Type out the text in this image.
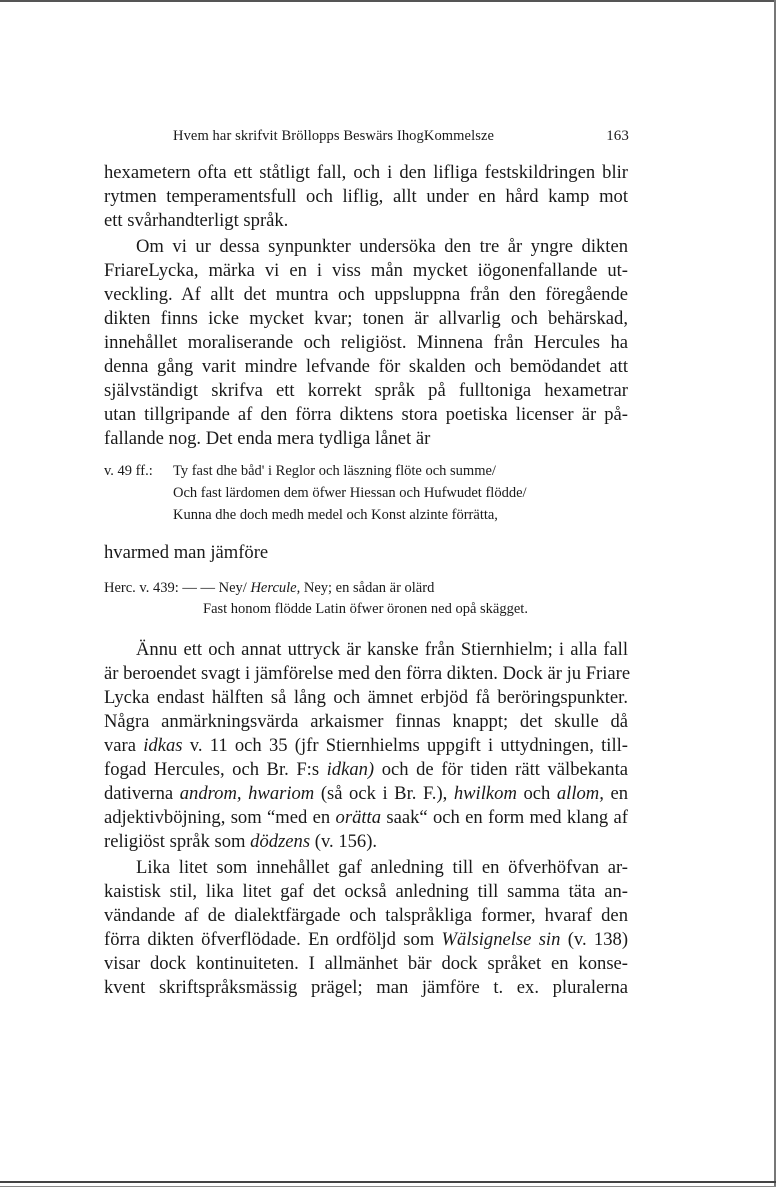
Hvem har skrifvit Bröllopps Beswärs IhogKommelsze	163
hexametern ofta ett ståtligt fall, och i den lifliga festskildringen blir
rytmen temperamentsfull och liflig, allt under en hård kamp mot
ett svårhandterligt språk.
Om vi ur dessa synpunkter undersöka den tre år yngre dikten
FriareLycka, märka vi en i viss mån mycket iögonenfallande ut-
veckling. Af allt det muntra och uppsluppna från den föregående
dikten finns icke mycket kvar; tonen är allvarlig och behärskad,
innehållet moraliserande och religiöst. Minnena från Hercules ha
denna gång varit mindre lefvande för skalden och bemödandet att
självständigt skrifva ett korrekt språk på fulltoniga hexametrar
utan tillgripande af den förra diktens stora poetiska licenser är på-
fallande nog. Det enda mera tydliga lånet är
v. 49 ff.: Ty fast dhe båd' i Reglor och läszning flöte och summe/
Och fast lärdomen dem öfwer Hiessan och Hufwudet flödde/
Kunna dhe doch medh medel och Konst alzinte förrätta,
hvarmed man jämföre
Herc. v. 439: — — Ney/ Hercule, Ney; en sådan är olärd
Fast honom flödde Latin öfwer öronen ned opå skägget.
Ännu ett och annat uttryck är kanske från Stiernhielm; i alla fall
är beroendet svagt i jämförelse med den förra dikten. Dock är ju Friare
Lycka endast hälften så lång och ämnet erbjöd få beröringspunkter.
Några anmärkningsvärda arkaismer finnas knappt; det skulle då
vara idkas v. 11 och 35 (jfr Stiernhielms uppgift i uttydningen, till-
fogad Hercules, och Br. F:s idkan) och de för tiden rätt välbekanta
dativerna androm, hwariom (så ock i Br. F.), hwilkom och allom, en
adjektivböjning, som “med en orätta saak“ och en form med klang af
religiöst språk som dödzens (v. 156).
Lika litet som innehållet gaf anledning till en öfverhöfvan ar-
kaistisk stil, lika litet gaf det också anledning till samma täta an-
vändande af de dialektfärgade och talspråkliga former, hvaraf den
förra dikten öfverflödade. En ordföljd som Wälsignelse sin (v. 138)
visar dock kontinuiteten. I allmänhet bär dock språket en konse-
kvent skriftspråksmässig prägel; man jämföre t. ex. pluralerna
